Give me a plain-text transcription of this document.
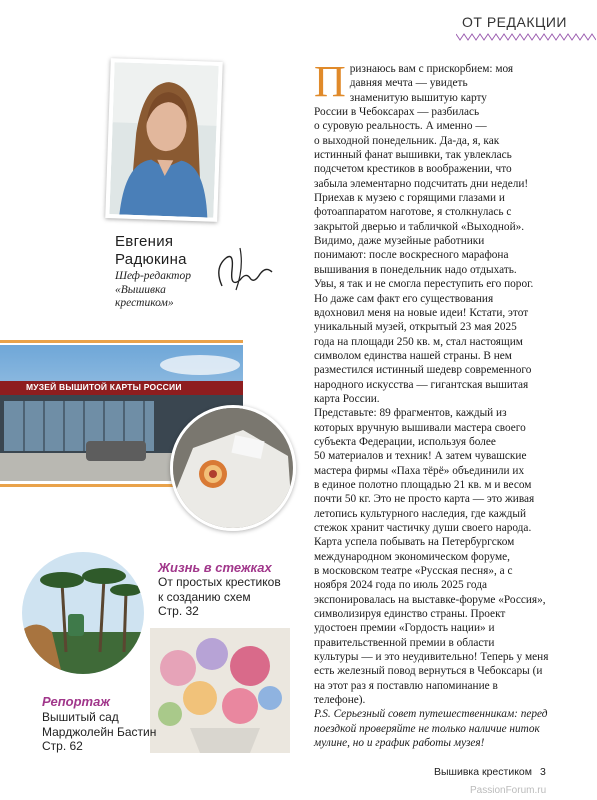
ОТ РЕДАКЦИИ
Евгения
Радюкина
Шеф-редактор
«Вышивка
крестиком»
П ризнаюсь вам с прискорбием: моя
давняя мечта — увидеть
знаменитую вышитую карту
России в Чебоксарах — разбилась
о суровую реальность. А именно —
о выходной понедельник. Да-да, я, как
истинный фанат вышивки, так увлеклась
подсчетом крестиков в воображении, что
забыла элементарно подсчитать дни недели!
Приехав к музею с горящими глазами и
фотоаппаратом наготове, я столкнулась с
закрытой дверью и табличкой «Выходной».
Видимо, даже музейные работники
понимают: после воскресного марафона
вышивания в понедельник надо отдыхать.
Увы, я так и не смогла переступить его порог.
Но даже сам факт его существования
вдохновил меня на новые идеи! Кстати, этот
уникальный музей, открытый 23 мая 2025
года на площади 250 кв. м, стал настоящим
символом единства нашей страны. В нем
разместился истинный шедевр современного
народного искусства — гигантская вышитая
карта России.
Представьте: 89 фрагментов, каждый из
которых вручную вышивали мастера своего
субъекта Федерации, используя более
50 материалов и техник! А затем чувашские
мастера фирмы «Паха тёрё» объединили их
в единое полотно площадью 21 кв. м и весом
почти 50 кг. Это не просто карта — это живая
летопись культурного наследия, где каждый
стежок хранит частичку души своего народа.
Карта успела побывать на Петербургском
международном экономическом форуме,
в московском театре «Русская песня», а с
ноября 2024 года по июль 2025 года
экспонировалась на выставке-форуме «Россия»,
символизируя единство страны. Проект
удостоен премии «Гордость нации» и
правительственной премии в области
культуры — и это неудивительно! Теперь у меня
есть железный повод вернуться в Чебоксары (и
на этот раз я поставлю напоминание в
телефоне).
P.S. Серьезный совет путешественникам: перед
поездкой проверяйте не только наличие ниток
мулине, но и график работы музея!
МУЗЕЙ ВЫШИТОЙ КАРТЫ РОССИИ
Жизнь в стежках
От простых крестиков
к созданию схем
Стр. 32
Репортаж
Вышитый сад
Марджолейн Бастин
Стр. 62
Вышивка крестиком 3
PassionForum.ru
